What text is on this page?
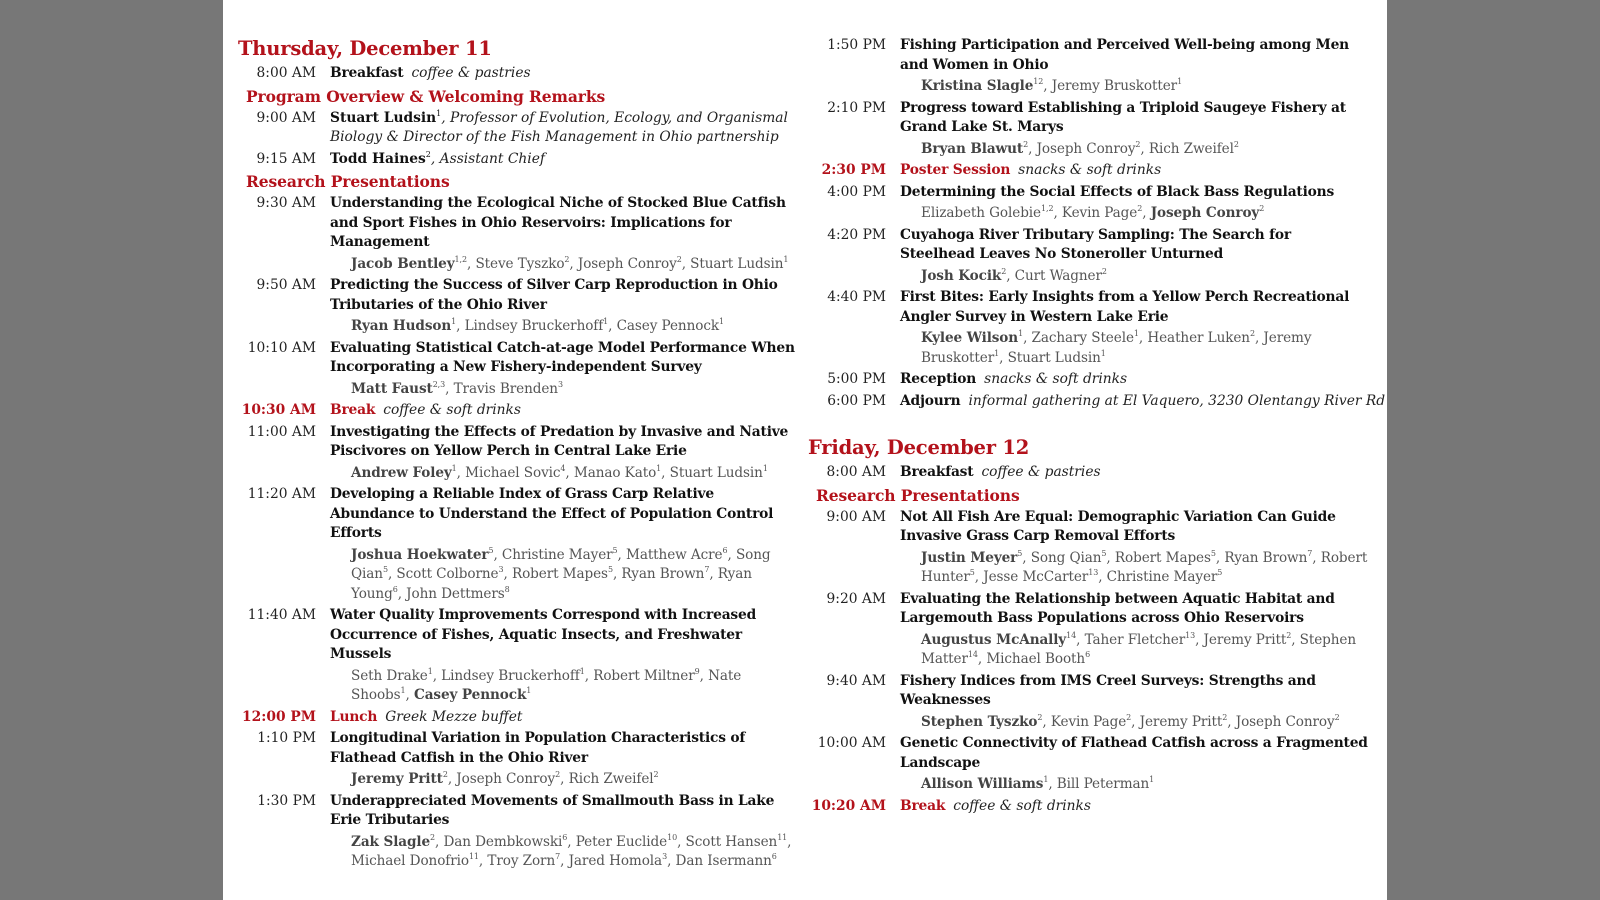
Thursday, December 11
8:00 AM	Breakfast coffee & pastries
Program Overview & Welcoming Remarks
9:00 AM	Stuart Ludsin$^1$, Professor of Evolution, Ecology, and Organismal Biology & Director of the Fish Management in Ohio partnership
9:15 AM	Todd Haines$^2$, Assistant Chief
Research Presentations
9:30 AM	Understanding the Ecological Niche of Stocked Blue Catfish and Sport Fishes in Ohio Reservoirs: Implications for Management
Jacob Bentley$^{1,2}$, Steve Tyszko$^2$, Joseph Conroy$^2$, Stuart Ludsin$^1$
9:50 AM	Predicting the Success of Silver Carp Reproduction in Ohio Tributaries of the Ohio River
Ryan Hudson$^1$, Lindsey Bruckerhoff$^1$, Casey Pennock$^1$
10:10 AM	Evaluating Statistical Catch-at-age Model Performance When Incorporating a New Fishery-independent Survey
Matt Faust$^{2,3}$, Travis Brenden$^3$
10:30 AM	Break coffee & soft drinks
11:00 AM	Investigating the Effects of Predation by Invasive and Native Piscivores on Yellow Perch in Central Lake Erie
Andrew Foley$^1$, Michael Sovic$^4$, Manao Kato$^1$, Stuart Ludsin$^1$
11:20 AM	Developing a Reliable Index of Grass Carp Relative Abundance to Understand the Effect of Population Control Efforts
Joshua Hoekwater$^5$, Christine Mayer$^5$, Matthew Acre$^6$, Song Qian$^5$, Scott Colborne$^3$, Robert Mapes$^5$, Ryan Brown$^7$, Ryan Young$^6$, John Dettmers$^8$
11:40 AM	Water Quality Improvements Correspond with Increased Occurrence of Fishes, Aquatic Insects, and Freshwater Mussels
Seth Drake$^1$, Lindsey Bruckerhoff$^1$, Robert Miltner$^9$, Nate Shoobs$^1$, Casey Pennock$^1$
12:00 PM	Lunch Greek Mezze buffet
1:10 PM	Longitudinal Variation in Population Characteristics of Flathead Catfish in the Ohio River
Jeremy Pritt$^2$, Joseph Conroy$^2$, Rich Zweifel$^2$
1:30 PM	Underappreciated Movements of Smallmouth Bass in Lake Erie Tributaries
Zak Slagle$^2$, Dan Dembkowski$^6$, Peter Euclide$^{10}$, Scott Hansen$^{11}$, Michael Donofrio$^{11}$, Troy Zorn$^7$, Jared Homola$^3$, Dan Isermann$^6$
1:50 PM	Fishing Participation and Perceived Well-being among Men and Women in Ohio
Kristina Slagle$^{12}$, Jeremy Bruskotter$^1$
2:10 PM	Progress toward Establishing a Triploid Saugeye Fishery at Grand Lake St. Marys
Bryan Blawut$^2$, Joseph Conroy$^2$, Rich Zweifel$^2$
2:30 PM	Poster Session snacks & soft drinks
4:00 PM	Determining the Social Effects of Black Bass Regulations
Elizabeth Golebie$^{1,2}$, Kevin Page$^2$, Joseph Conroy$^2$
4:20 PM	Cuyahoga River Tributary Sampling: The Search for Steelhead Leaves No Stoneroller Unturned
Josh Kocik$^2$, Curt Wagner$^2$
4:40 PM	First Bites: Early Insights from a Yellow Perch Recreational Angler Survey in Western Lake Erie
Kylee Wilson$^1$, Zachary Steele$^1$, Heather Luken$^2$, Jeremy Bruskotter$^1$, Stuart Ludsin$^1$
5:00 PM	Reception snacks & soft drinks
6:00 PM	Adjourn informal gathering at El Vaquero, 3230 Olentangy River Rd
Friday, December 12
8:00 AM	Breakfast coffee & pastries
Research Presentations
9:00 AM	Not All Fish Are Equal: Demographic Variation Can Guide Invasive Grass Carp Removal Efforts
Justin Meyer$^5$, Song Qian$^5$, Robert Mapes$^5$, Ryan Brown$^7$, Robert Hunter$^5$, Jesse McCarter$^{13}$, Christine Mayer$^5$
9:20 AM	Evaluating the Relationship between Aquatic Habitat and Largemouth Bass Populations across Ohio Reservoirs
Augustus McAnally$^{14}$, Taher Fletcher$^{13}$, Jeremy Pritt$^2$, Stephen Matter$^{14}$, Michael Booth$^6$
9:40 AM	Fishery Indices from IMS Creel Surveys: Strengths and Weaknesses
Stephen Tyszko$^2$, Kevin Page$^2$, Jeremy Pritt$^2$, Joseph Conroy$^2$
10:00 AM	Genetic Connectivity of Flathead Catfish across a Fragmented Landscape
Allison Williams$^1$, Bill Peterman$^1$
10:20 AM	Break coffee & soft drinks
